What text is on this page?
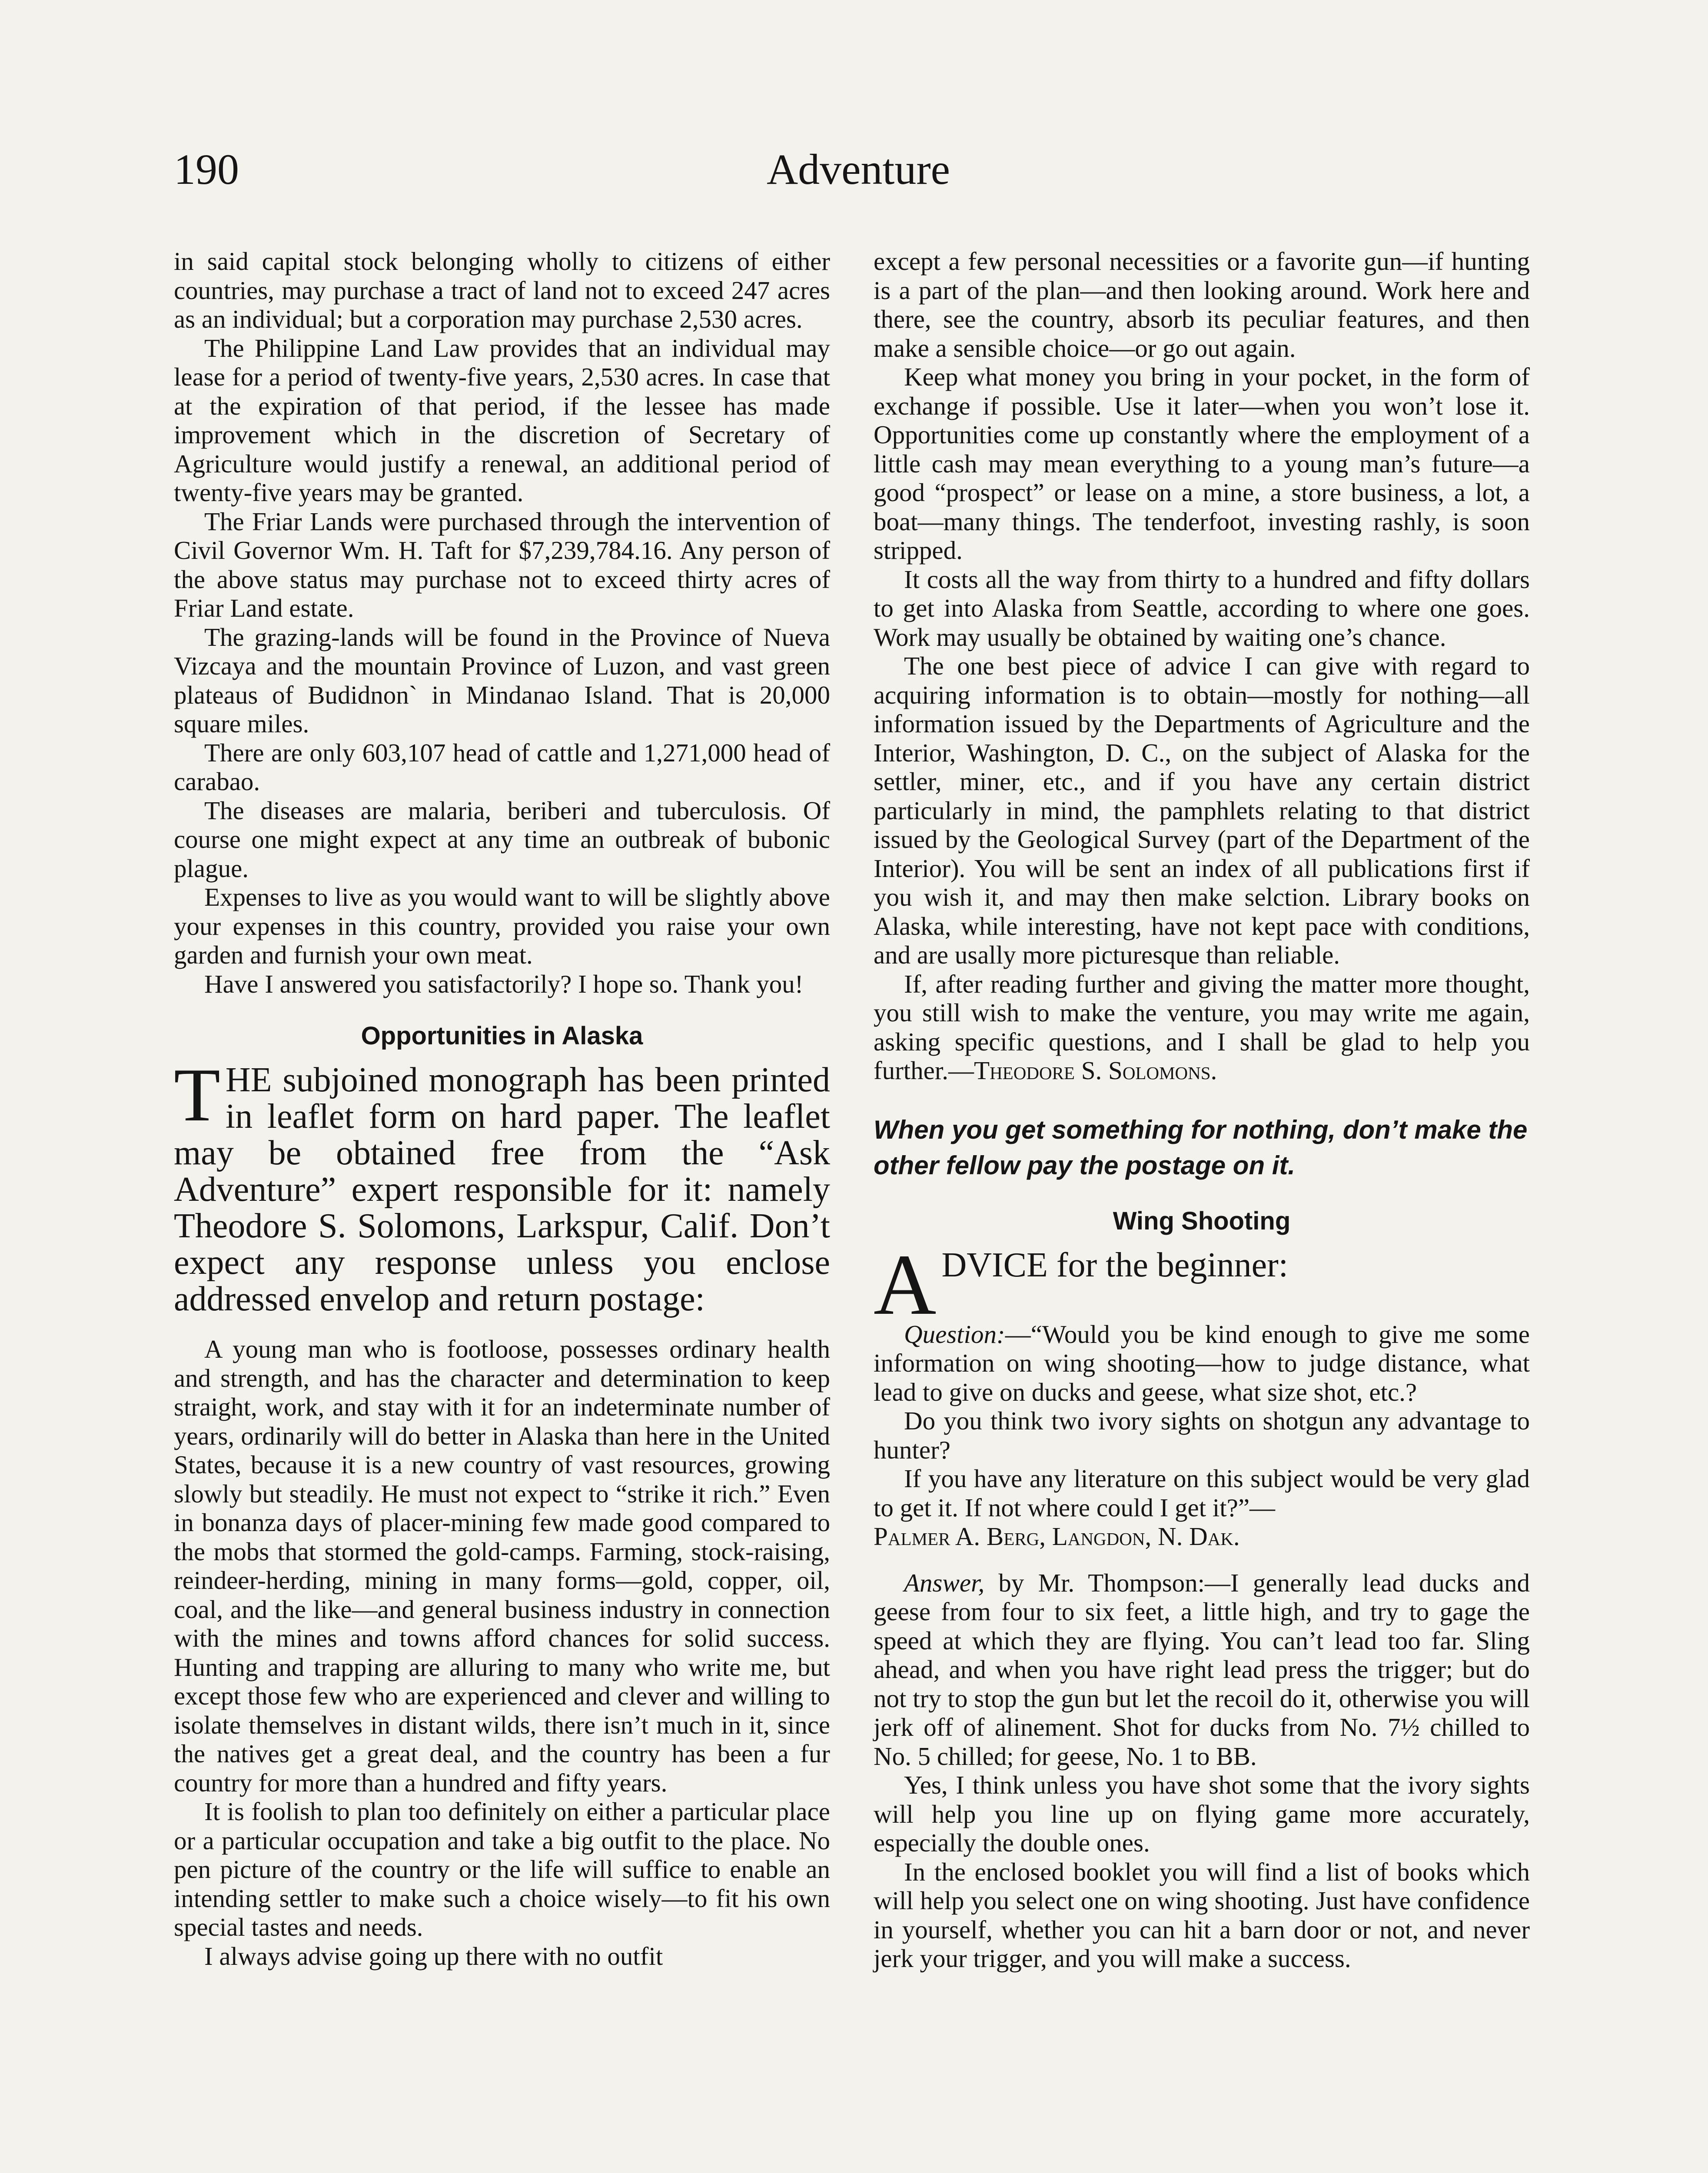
190	Adventure

in said capital stock belonging wholly to citizens of either countries, may purchase a tract of land not to exceed 247 acres as an individual; but a corporation may purchase 2,530 acres.

The Philippine Land Law provides that an individual may lease for a period of twenty-five years, 2,530 acres. In case that at the expiration of that period, if the lessee has made improvement which in the discretion of Secretary of Agriculture would justify a renewal, an additional period of twenty-five years may be granted.

The Friar Lands were purchased through the intervention of Civil Governor Wm. H. Taft for $7,239,784.16. Any person of the above status may purchase not to exceed thirty acres of Friar Land estate.

The grazing-lands will be found in the Province of Nueva Vizcaya and the mountain Province of Luzon, and vast green plateaus of Budidnon` in Mindanao Island. That is 20,000 square miles.

There are only 603,107 head of cattle and 1,271,000 head of carabao.

The diseases are malaria, beriberi and tuberculosis. Of course one might expect at any time an outbreak of bubonic plague.

Expenses to live as you would want to will be slightly above your expenses in this country, provided you raise your own garden and furnish your own meat.

Have I answered you satisfactorily? I hope so. Thank you!

Opportunities in Alaska

T HE subjoined monograph has been printed in leaflet form on hard paper. The leaflet may be obtained free from the “Ask Adventure” expert responsible for it: namely Theodore S. Solomons, Larkspur, Calif. Don’t expect any response unless you enclose addressed envelop and return postage:

A young man who is footloose, possesses ordinary health and strength, and has the character and determination to keep straight, work, and stay with it for an indeterminate number of years, ordinarily will do better in Alaska than here in the United States, because it is a new country of vast resources, growing slowly but steadily. He must not expect to “strike it rich.” Even in bonanza days of placer-mining few made good compared to the mobs that stormed the gold-camps. Farming, stock-raising, reindeer-herding, mining in many forms—gold, copper, oil, coal, and the like—and general business industry in connection with the mines and towns afford chances for solid success. Hunting and trapping are alluring to many who write me, but except those few who are experienced and clever and willing to isolate themselves in distant wilds, there isn’t much in it, since the natives get a great deal, and the country has been a fur country for more than a hundred and fifty years.

It is foolish to plan too definitely on either a particular place or a particular occupation and take a big outfit to the place. No pen picture of the country or the life will suffice to enable an intending settler to make such a choice wisely—to fit his own special tastes and needs.

I always advise going up there with no outfit

except a few personal necessities or a favorite gun—if hunting is a part of the plan—and then looking around. Work here and there, see the country, absorb its peculiar features, and then make a sensible choice—or go out again.

Keep what money you bring in your pocket, in the form of exchange if possible. Use it later—when you won’t lose it. Opportunities come up constantly where the employment of a little cash may mean everything to a young man’s future—a good “prospect” or lease on a mine, a store business, a lot, a boat—many things. The tenderfoot, investing rashly, is soon stripped.

It costs all the way from thirty to a hundred and fifty dollars to get into Alaska from Seattle, according to where one goes. Work may usually be obtained by waiting one’s chance.

The one best piece of advice I can give with regard to acquiring information is to obtain—mostly for nothing—all information issued by the Departments of Agriculture and the Interior, Washington, D. C., on the subject of Alaska for the settler, miner, etc., and if you have any certain district particularly in mind, the pamphlets relating to that district issued by the Geological Survey (part of the Department of the Interior). You will be sent an index of all publications first if you wish it, and may then make selction. Library books on Alaska, while interesting, have not kept pace with conditions, and are usally more picturesque than reliable.

If, after reading further and giving the matter more thought, you still wish to make the venture, you may write me again, asking specific questions, and I shall be glad to help you further.—Theodore S. Solomons.

When you get something for nothing, don’t make the other fellow pay the postage on it.

Wing Shooting

A DVICE for the beginner:

Question:—“Would you be kind enough to give me some information on wing shooting—how to judge distance, what lead to give on ducks and geese, what size shot, etc.?

Do you think two ivory sights on shotgun any advantage to hunter?

If you have any literature on this subject would be very glad to get it. If not where could I get it?”—

Palmer A. Berg, Langdon, N. Dak.

Answer, by Mr. Thompson:—I generally lead ducks and geese from four to six feet, a little high, and try to gage the speed at which they are flying. You can’t lead too far. Sling ahead, and when you have right lead press the trigger; but do not try to stop the gun but let the recoil do it, otherwise you will jerk off of alinement. Shot for ducks from No. 7½ chilled to No. 5 chilled; for geese, No. 1 to BB.

Yes, I think unless you have shot some that the ivory sights will help you line up on flying game more accurately, especially the double ones.

In the enclosed booklet you will find a list of books which will help you select one on wing shooting. Just have confidence in yourself, whether you can hit a barn door or not, and never jerk your trigger, and you will make a success.
